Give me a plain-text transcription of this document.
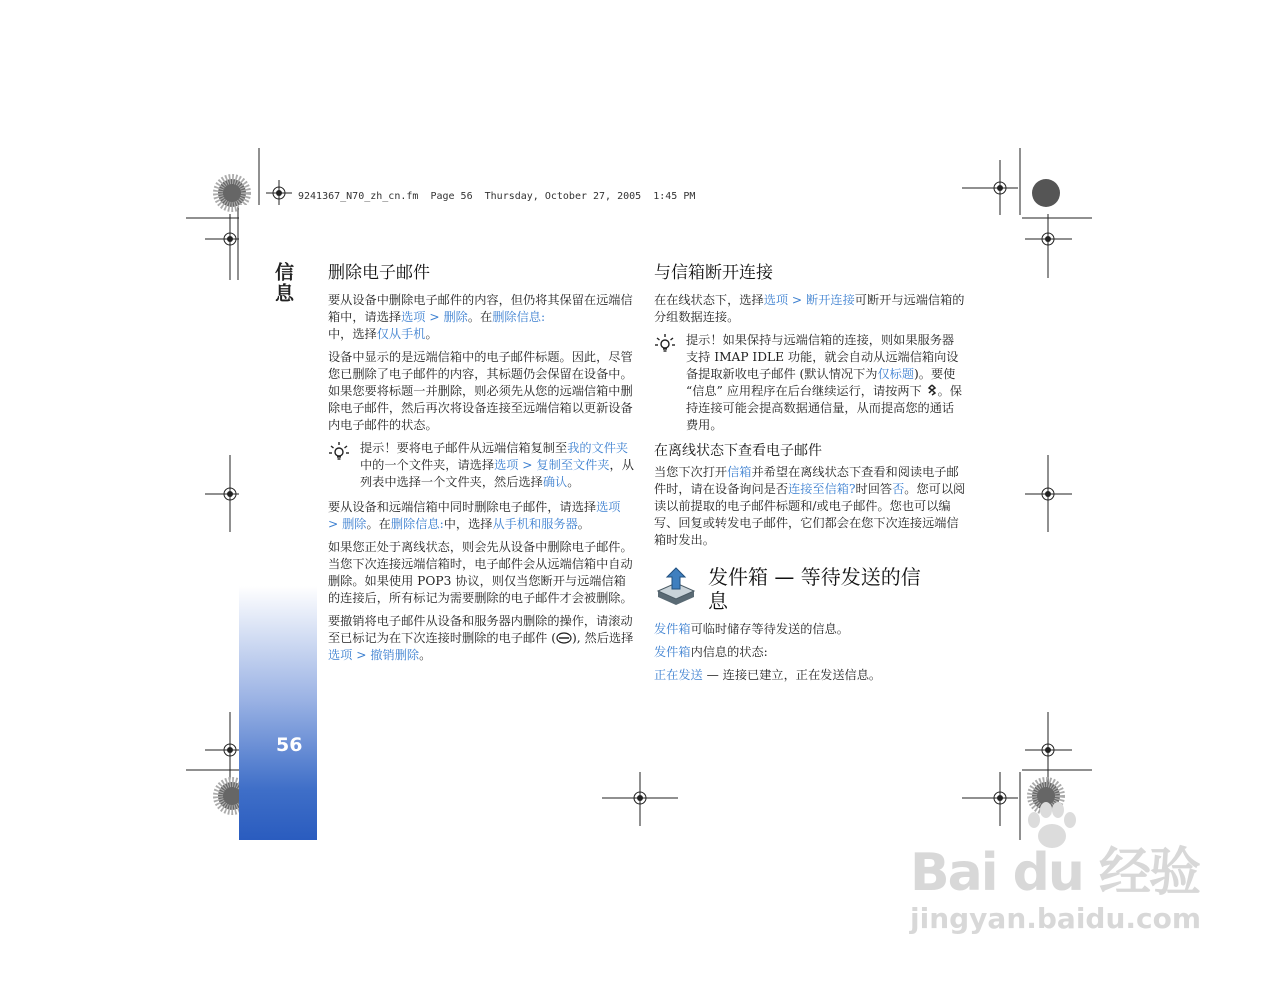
9241367_N70_zh_cn.fm  Page 56  Thursday, October 27, 2005  1:45 PM
信息
56
删除电子邮件

要从设备中删除电子邮件的内容，但仍将其保留在远端信箱中，请选择选项 > 删除。在删除信息:
中，选择仅从手机。

设备中显示的是远端信箱中的电子邮件标题。因此，尽管您已删除了电子邮件的内容，其标题仍会保留在设备中。如果您要将标题一并删除，则必须先从您的远端信箱中删除电子邮件，然后再次将设备连接至远端信箱以更新设备内电子邮件的状态。

提示！要将电子邮件从远端信箱复制至我的文件夹中的一个文件夹，请选择选项 > 复制至文件夹，从列表中选择一个文件夹，然后选择确认。

要从设备和远端信箱中同时删除电子邮件，请选择选项 > 删除。在删除信息:中，选择从手机和服务器。

如果您正处于离线状态，则会先从设备中删除电子邮件。当您下次连接远端信箱时，电子邮件会从远端信箱中自动删除。如果使用 POP3 协议，则仅当您断开与远端信箱的连接后，所有标记为需要删除的电子邮件才会被删除。

要撤销将电子邮件从设备和服务器内删除的操作，请滚动至已标记为在下次连接时删除的电子邮件 ( ), 然后选择选项 > 撤销删除。

与信箱断开连接

在在线状态下，选择选项 > 断开连接可断开与远端信箱的分组数据连接。

提示！如果保持与远端信箱的连接，则如果服务器支持 IMAP IDLE 功能，就会自动从远端信箱向设备提取新收电子邮件 (默认情况下为仅标题)。要使 “信息” 应用程序在后台继续运行，请按两下 。保持连接可能会提高数据通信量，从而提高您的通话费用。
在离线状态下查看电子邮件

当您下次打开信箱并希望在离线状态下查看和阅读电子邮件时，请在设备询问是否连接至信箱?时回答否。您可以阅读以前提取的电子邮件标题和/或电子邮件。您也可以编写、回复或转发电子邮件，它们都会在您下次连接远端信箱时发出。

发件箱 — 等待发送的信息

发件箱可临时储存等待发送的信息。

发件箱内信息的状态:

正在发送 — 连接已建立，正在发送信息。

Bai du 经验
jingyan.baidu.com
